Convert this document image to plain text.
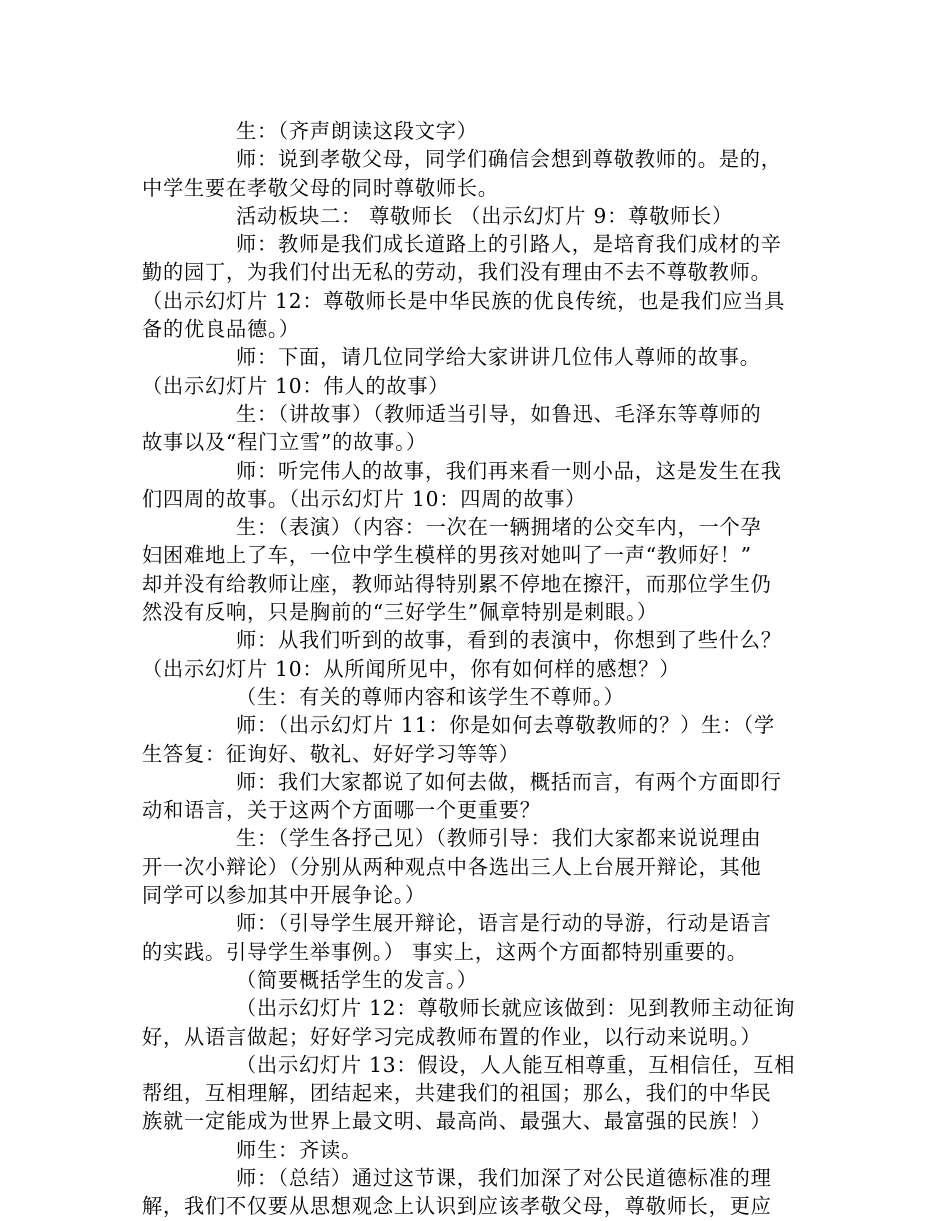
生：（齐声朗读这段文字）
师：说到孝敬父母，同学们确信会想到尊敬教师的。是的，
中学生要在孝敬父母的同时尊敬师长。
活动板块二： 尊敬师长 （出示幻灯片 9：尊敬师长）
师：教师是我们成长道路上的引路人，是培育我们成材的辛
勤的园丁，为我们付出无私的劳动，我们没有理由不去不尊敬教师。
（出示幻灯片 12：尊敬师长是中华民族的优良传统，也是我们应当具
备的优良品德。）
师：下面，请几位同学给大家讲讲几位伟人尊师的故事。
（出示幻灯片 10：伟人的故事）
生：（讲故事）（教师适当引导，如鲁迅、毛泽东等尊师的
故事以及“程门立雪”的故事。）
师：听完伟人的故事，我们再来看一则小品，这是发生在我
们四周的故事。（出示幻灯片 10：四周的故事）
生：（表演）（内容：一次在一辆拥堵的公交车内，一个孕
妇困难地上了车，一位中学生模样的男孩对她叫了一声“教师好！”
却并没有给教师让座，教师站得特别累不停地在擦汗，而那位学生仍
然没有反响，只是胸前的“三好学生”佩章特别是刺眼。）
师：从我们听到的故事，看到的表演中，你想到了些什么？
（出示幻灯片 10：从所闻所见中，你有如何样的感想？）
（生：有关的尊师内容和该学生不尊师。）
师：（出示幻灯片 11：你是如何去尊敬教师的？）生：（学
生答复：征询好、敬礼、好好学习等等）
师：我们大家都说了如何去做，概括而言，有两个方面即行
动和语言，关于这两个方面哪一个更重要？
生：（学生各抒己见）（教师引导：我们大家都来说说理由
开一次小辩论）（分别从两种观点中各选出三人上台展开辩论，其他
同学可以参加其中开展争论。）
师：（引导学生展开辩论，语言是行动的导游，行动是语言
的实践。引导学生举事例。） 事实上，这两个方面都特别重要的。
（简要概括学生的发言。）
（出示幻灯片 12：尊敬师长就应该做到：见到教师主动征询
好，从语言做起；好好学习完成教师布置的作业，以行动来说明。）
（出示幻灯片 13：假设，人人能互相尊重，互相信任，互相
帮组，互相理解，团结起来，共建我们的祖国；那么，我们的中华民
族就一定能成为世界上最文明、最高尚、最强大、最富强的民族！）
师生：齐读。
师：（总结）通过这节课，我们加深了对公民道德标准的理
解，我们不仅要从思想观念上认识到应该孝敬父母，尊敬师长，更应
